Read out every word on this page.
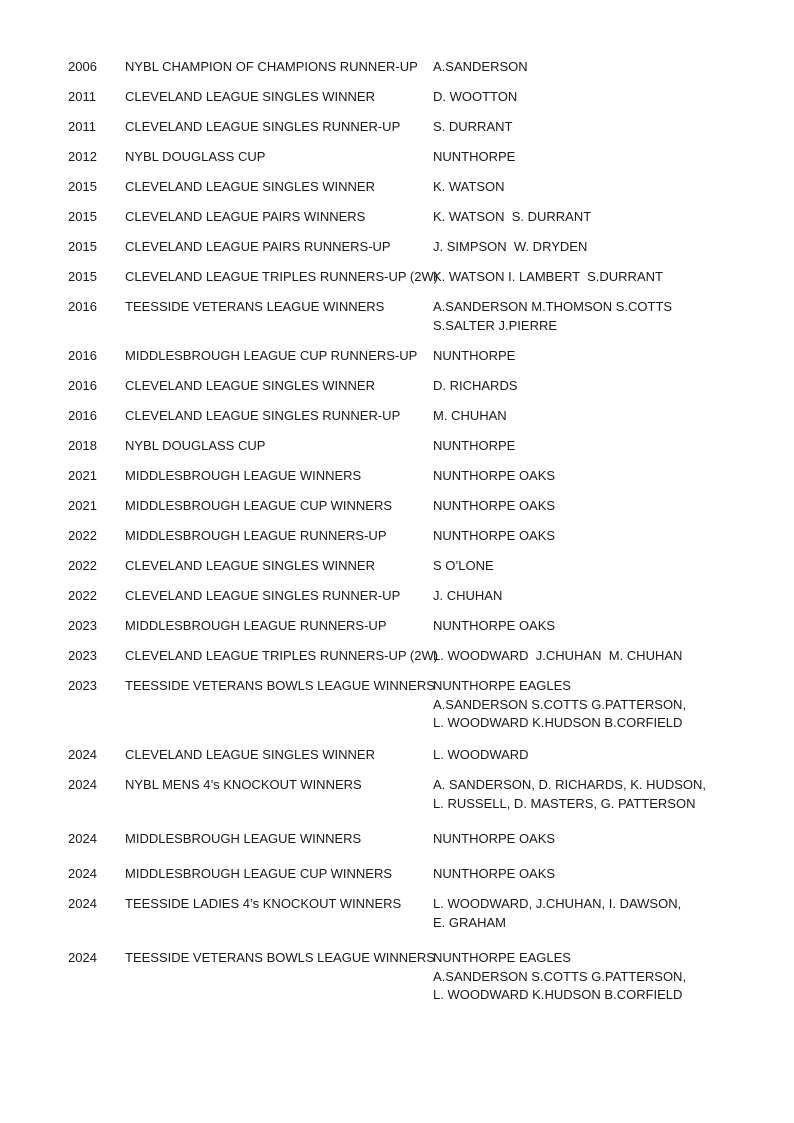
2006 NYBL CHAMPION OF CHAMPIONS RUNNER-UP A.SANDERSON
2011 CLEVELAND LEAGUE SINGLES WINNER	D. WOOTTON
2011 CLEVELAND LEAGUE SINGLES RUNNER-UP	S. DURRANT
2012 NYBL DOUGLASS CUP	NUNTHORPE
2015 CLEVELAND LEAGUE SINGLES WINNER	K. WATSON
2015 CLEVELAND LEAGUE PAIRS WINNERS	K. WATSON  S. DURRANT
2015 CLEVELAND LEAGUE PAIRS RUNNERS-UP	J. SIMPSON  W. DRYDEN
2015 CLEVELAND LEAGUE TRIPLES RUNNERS-UP (2W)
K. WATSON I. LAMBERT  S.DURRANT
2016 TEESSIDE VETERANS LEAGUE WINNERS	A.SANDERSON M.THOMSON S.COTTS
S.SALTER J.PIERRE
2016 MIDDLESBROUGH LEAGUE CUP RUNNERS-UP NUNTHORPE
2016 CLEVELAND LEAGUE SINGLES WINNER	D. RICHARDS
2016 CLEVELAND LEAGUE SINGLES RUNNER-UP	M. CHUHAN
2018 NYBL DOUGLASS CUP	NUNTHORPE
2021 MIDDLESBROUGH LEAGUE WINNERS	NUNTHORPE OAKS
2021 MIDDLESBROUGH LEAGUE CUP WINNERS	NUNTHORPE OAKS
2022 MIDDLESBROUGH LEAGUE RUNNERS-UP	NUNTHORPE OAKS
2022 CLEVELAND LEAGUE SINGLES WINNER	S O’LONE
2022 CLEVELAND LEAGUE SINGLES RUNNER-UP	J. CHUHAN
2023 MIDDLESBROUGH LEAGUE RUNNERS-UP	NUNTHORPE OAKS
2023 CLEVELAND LEAGUE TRIPLES RUNNERS-UP (2W)
L. WOODWARD  J.CHUHAN  M. CHUHAN
2023 TEESSIDE VETERANS BOWLS LEAGUE WINNERS
NUNTHORPE EAGLES
A.SANDERSON S.COTTS G.PATTERSON,
L. WOODWARD K.HUDSON B.CORFIELD
2024 CLEVELAND LEAGUE SINGLES WINNER	L. WOODWARD
2024 NYBL MENS 4’s KNOCKOUT WINNERS	A. SANDERSON, D. RICHARDS, K. HUDSON,
L. RUSSELL, D. MASTERS, G. PATTERSON
2024 MIDDLESBROUGH LEAGUE WINNERS	NUNTHORPE OAKS
2024 MIDDLESBROUGH LEAGUE CUP WINNERS	NUNTHORPE OAKS
2024 TEESSIDE LADIES 4’s KNOCKOUT WINNERS L. WOODWARD, J.CHUHAN, I. DAWSON,
E. GRAHAM
2024 TEESSIDE VETERANS BOWLS LEAGUE WINNERS
NUNTHORPE EAGLES
A.SANDERSON S.COTTS G.PATTERSON,
L. WOODWARD K.HUDSON B.CORFIELD
